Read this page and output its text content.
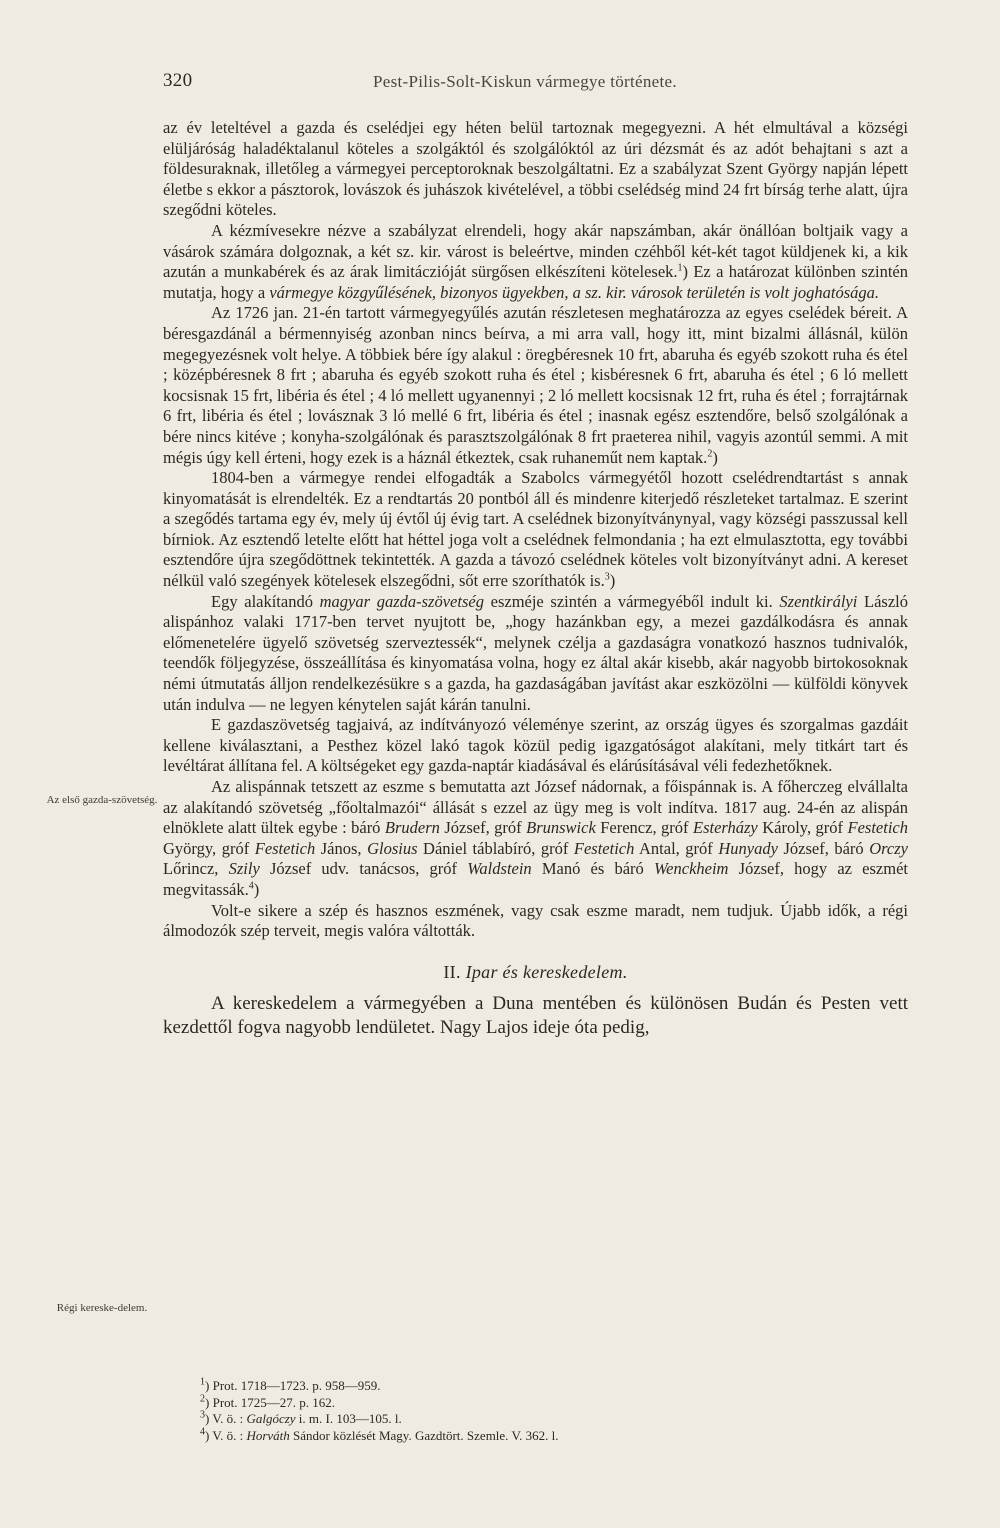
320	Pest-Pilis-Solt-Kiskun vármegye története.
Az első gazda-szövetség.
Régi kereske-delem.

az év leteltével a gazda és cselédjei egy héten belül tartoznak megegyezni. A hét elmultával a községi elüljáróság haladéktalanul köteles a szolgáktól és szolgálóktól az úri dézsmát és az adót behajtani s azt a földesuraknak, illetőleg a vármegyei perceptoroknak beszolgáltatni. Ez a szabályzat Szent György napján lépett életbe s ekkor a pásztorok, lovászok és juhászok kivételével, a többi cselédség mind 24 frt bírság terhe alatt, újra szegődni köteles.

A kézmívesekre nézve a szabályzat elrendeli, hogy akár napszámban, akár önállóan boltjaik vagy a vásárok számára dolgoznak, a két sz. kir. várost is beleértve, minden czéhből két-két tagot küldjenek ki, a kik azután a munkabérek és az árak limitáczióját sürgősen elkészíteni kötelesek.$^1$) Ez a határozat különben szintén mutatja, hogy a vármegye közgyűlésének, bizonyos ügyekben, a sz. kir. városok területén is volt joghatósága.

Az 1726 jan. 21-én tartott vármegyegyűlés azután részletesen meghatározza az egyes cselédek béreit. A béresgazdánál a bérmennyiség azonban nincs beírva, a mi arra vall, hogy itt, mint bizalmi állásnál, külön megegyezésnek volt helye. A többiek bére így alakul : öregbéresnek 10 frt, abaruha és egyéb szokott ruha és étel ; középbéresnek 8 frt ; abaruha és egyéb szokott ruha és étel ; kisbéresnek 6 frt, abaruha és étel ; 6 ló mellett kocsisnak 15 frt, libéria és étel ; 4 ló mellett ugyanennyi ; 2 ló mellett kocsisnak 12 frt, ruha és étel ; forrajtárnak 6 frt, libéria és étel ; lovásznak 3 ló mellé 6 frt, libéria és étel ; inasnak egész esztendőre, belső szolgálónak a bére nincs kitéve ; konyha-szolgálónak és parasztszolgálónak 8 frt praeterea nihil, vagyis azontúl semmi. A mit mégis úgy kell érteni, hogy ezek is a háznál étkeztek, csak ruhaneműt nem kaptak.$^2$)

1804-ben a vármegye rendei elfogadták a Szabolcs vármegyétől hozott cselédrendtartást s annak kinyomatását is elrendelték. Ez a rendtartás 20 pontból áll és mindenre kiterjedő részleteket tartalmaz. E szerint a szegődés tartama egy év, mely új évtől új évig tart. A cselédnek bizonyítványnyal, vagy községi passzussal kell bírniok. Az esztendő letelte előtt hat héttel joga volt a cselédnek felmondania ; ha ezt elmulasztotta, egy további esztendőre újra szegődöttnek tekintették. A gazda a távozó cselédnek köteles volt bizonyítványt adni. A kereset nélkül való szegények kötelesek elszegődni, sőt erre szoríthatók is.$^3$)

Egy alakítandó magyar gazda-szövetség eszméje szintén a vármegyéből indult ki. Szentkirályi László alispánhoz valaki 1717-ben tervet nyujtott be, „hogy hazánkban egy, a mezei gazdálkodásra és annak előmenetelére ügyelő szövetség szerveztessék“, melynek czélja a gazdaságra vonatkozó hasznos tudnivalók, teendők följegyzése, összeállítása és kinyomatása volna, hogy ez által akár kisebb, akár nagyobb birtokosoknak némi útmutatás álljon rendelkezésükre s a gazda, ha gazdaságában javítást akar eszközölni — külföldi könyvek után indulva — ne legyen kénytelen saját kárán tanulni.

E gazdaszövetség tagjaivá, az indítványozó véleménye szerint, az ország ügyes és szorgalmas gazdáit kellene kiválasztani, a Pesthez közel lakó tagok közül pedig igazgatóságot alakítani, mely titkárt tart és levéltárat állítana fel. A költségeket egy gazda-naptár kiadásával és elárúsításával véli fedezhetőknek.

Az alispánnak tetszett az eszme s bemutatta azt József nádornak, a főispánnak is. A főherczeg elvállalta az alakítandó szövetség „főoltalmazói“ állását s ezzel az ügy meg is volt indítva. 1817 aug. 24-én az alispán elnöklete alatt ültek egybe : báró Brudern József, gróf Brunswick Ferencz, gróf Esterházy Károly, gróf Festetich György, gróf Festetich János, Glosius Dániel táblabíró, gróf Festetich Antal, gróf Hunyady József, báró Orczy Lőrincz, Szily József udv. tanácsos, gróf Waldstein Manó és báró Wenckheim József, hogy az eszmét megvitassák.$^4$)

Volt-e sikere a szép és hasznos eszmének, vagy csak eszme maradt, nem tudjuk. Újabb idők, a régi álmodozók szép terveit, megis valóra váltották.

II. Ipar és kereskedelem.

A kereskedelem a vármegyében a Duna mentében és különösen Budán és Pesten vett kezdettől fogva nagyobb lendületet. Nagy Lajos ideje óta pedig,

$^1$) Prot. 1718—1723. p. 958—959.
$^2$) Prot. 1725—27. p. 162.
$^3$) V. ö. : Galgóczy i. m. I. 103—105. l.
$^4$) V. ö. : Horváth Sándor közlését Magy. Gazdtört. Szemle. V. 362. l.
